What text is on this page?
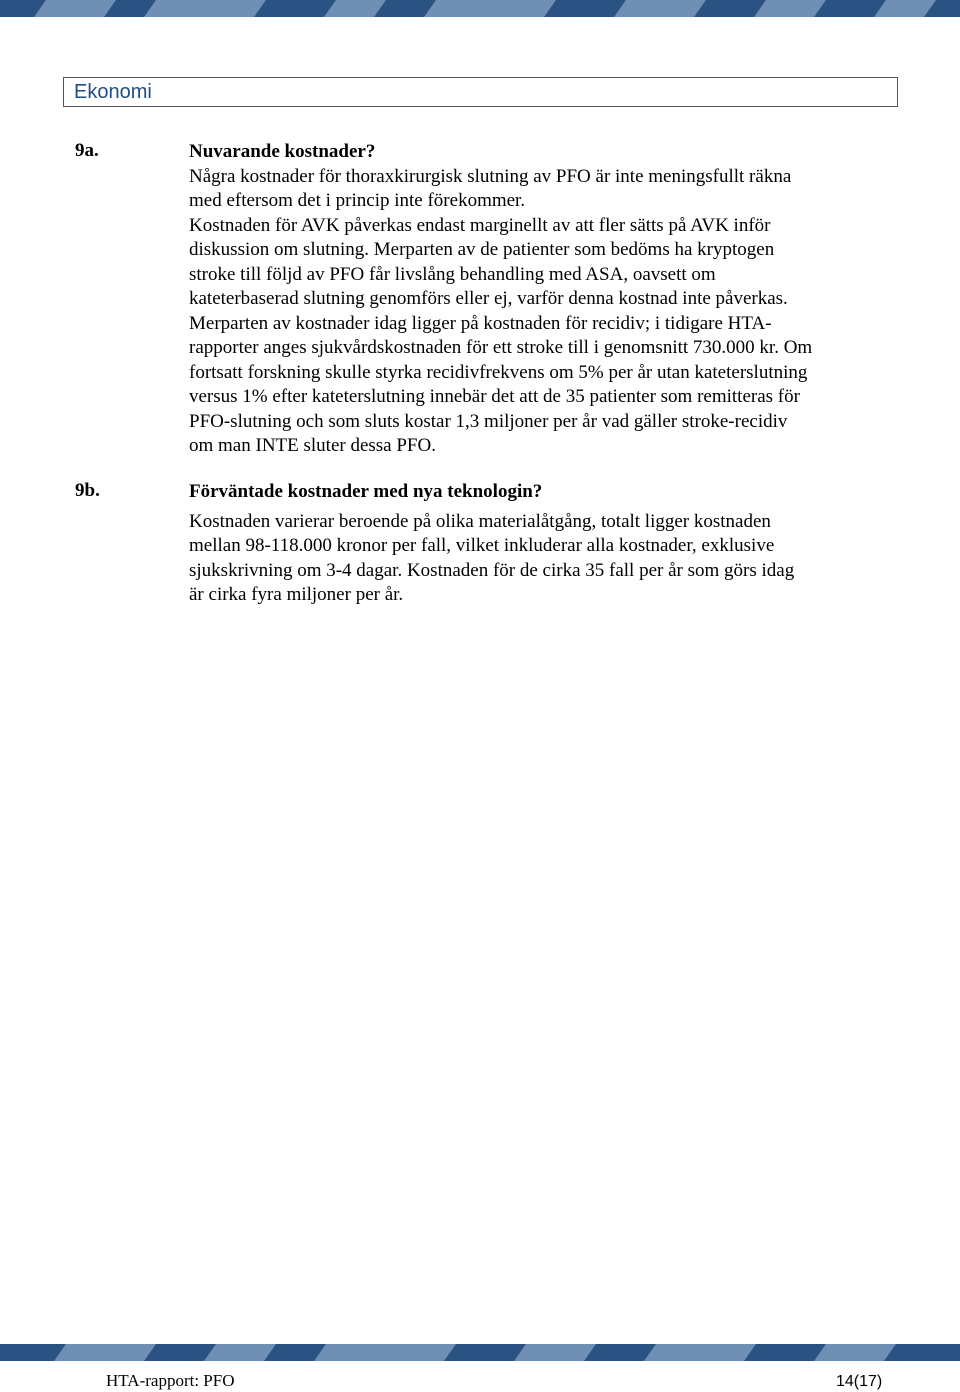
Ekonomi
9a.	Nuvarande kostnader?

Några kostnader för thoraxkirurgisk slutning av PFO är inte meningsfullt räkna

med eftersom det i princip inte förekommer.

Kostnaden för AVK påverkas endast marginellt av att fler sätts på AVK inför

diskussion om slutning. Merparten av de patienter som bedöms ha kryptogen

stroke till följd av PFO får livslång behandling med ASA, oavsett om

kateterbaserad slutning genomförs eller ej, varför denna kostnad inte påverkas.

Merparten av kostnader idag ligger på kostnaden för recidiv; i tidigare HTA-

rapporter anges sjukvårdskostnaden för ett stroke till i genomsnitt 730.000 kr. Om

fortsatt forskning skulle styrka recidivfrekvens om 5% per år utan kateterslutning

versus 1% efter kateterslutning innebär det att de 35 patienter som remitteras för

PFO-slutning och som sluts kostar 1,3 miljoner per år vad gäller stroke-recidiv

om man INTE sluter dessa PFO.

9b.	Förväntade kostnader med nya teknologin?

Kostnaden varierar beroende på olika materialåtgång, totalt ligger kostnaden

mellan 98-118.000 kronor per fall, vilket inkluderar alla kostnader, exklusive

sjukskrivning om 3-4 dagar. Kostnaden för de cirka 35 fall per år som görs idag

är cirka fyra miljoner per år.

HTA-rapport: PFO	14(17)
